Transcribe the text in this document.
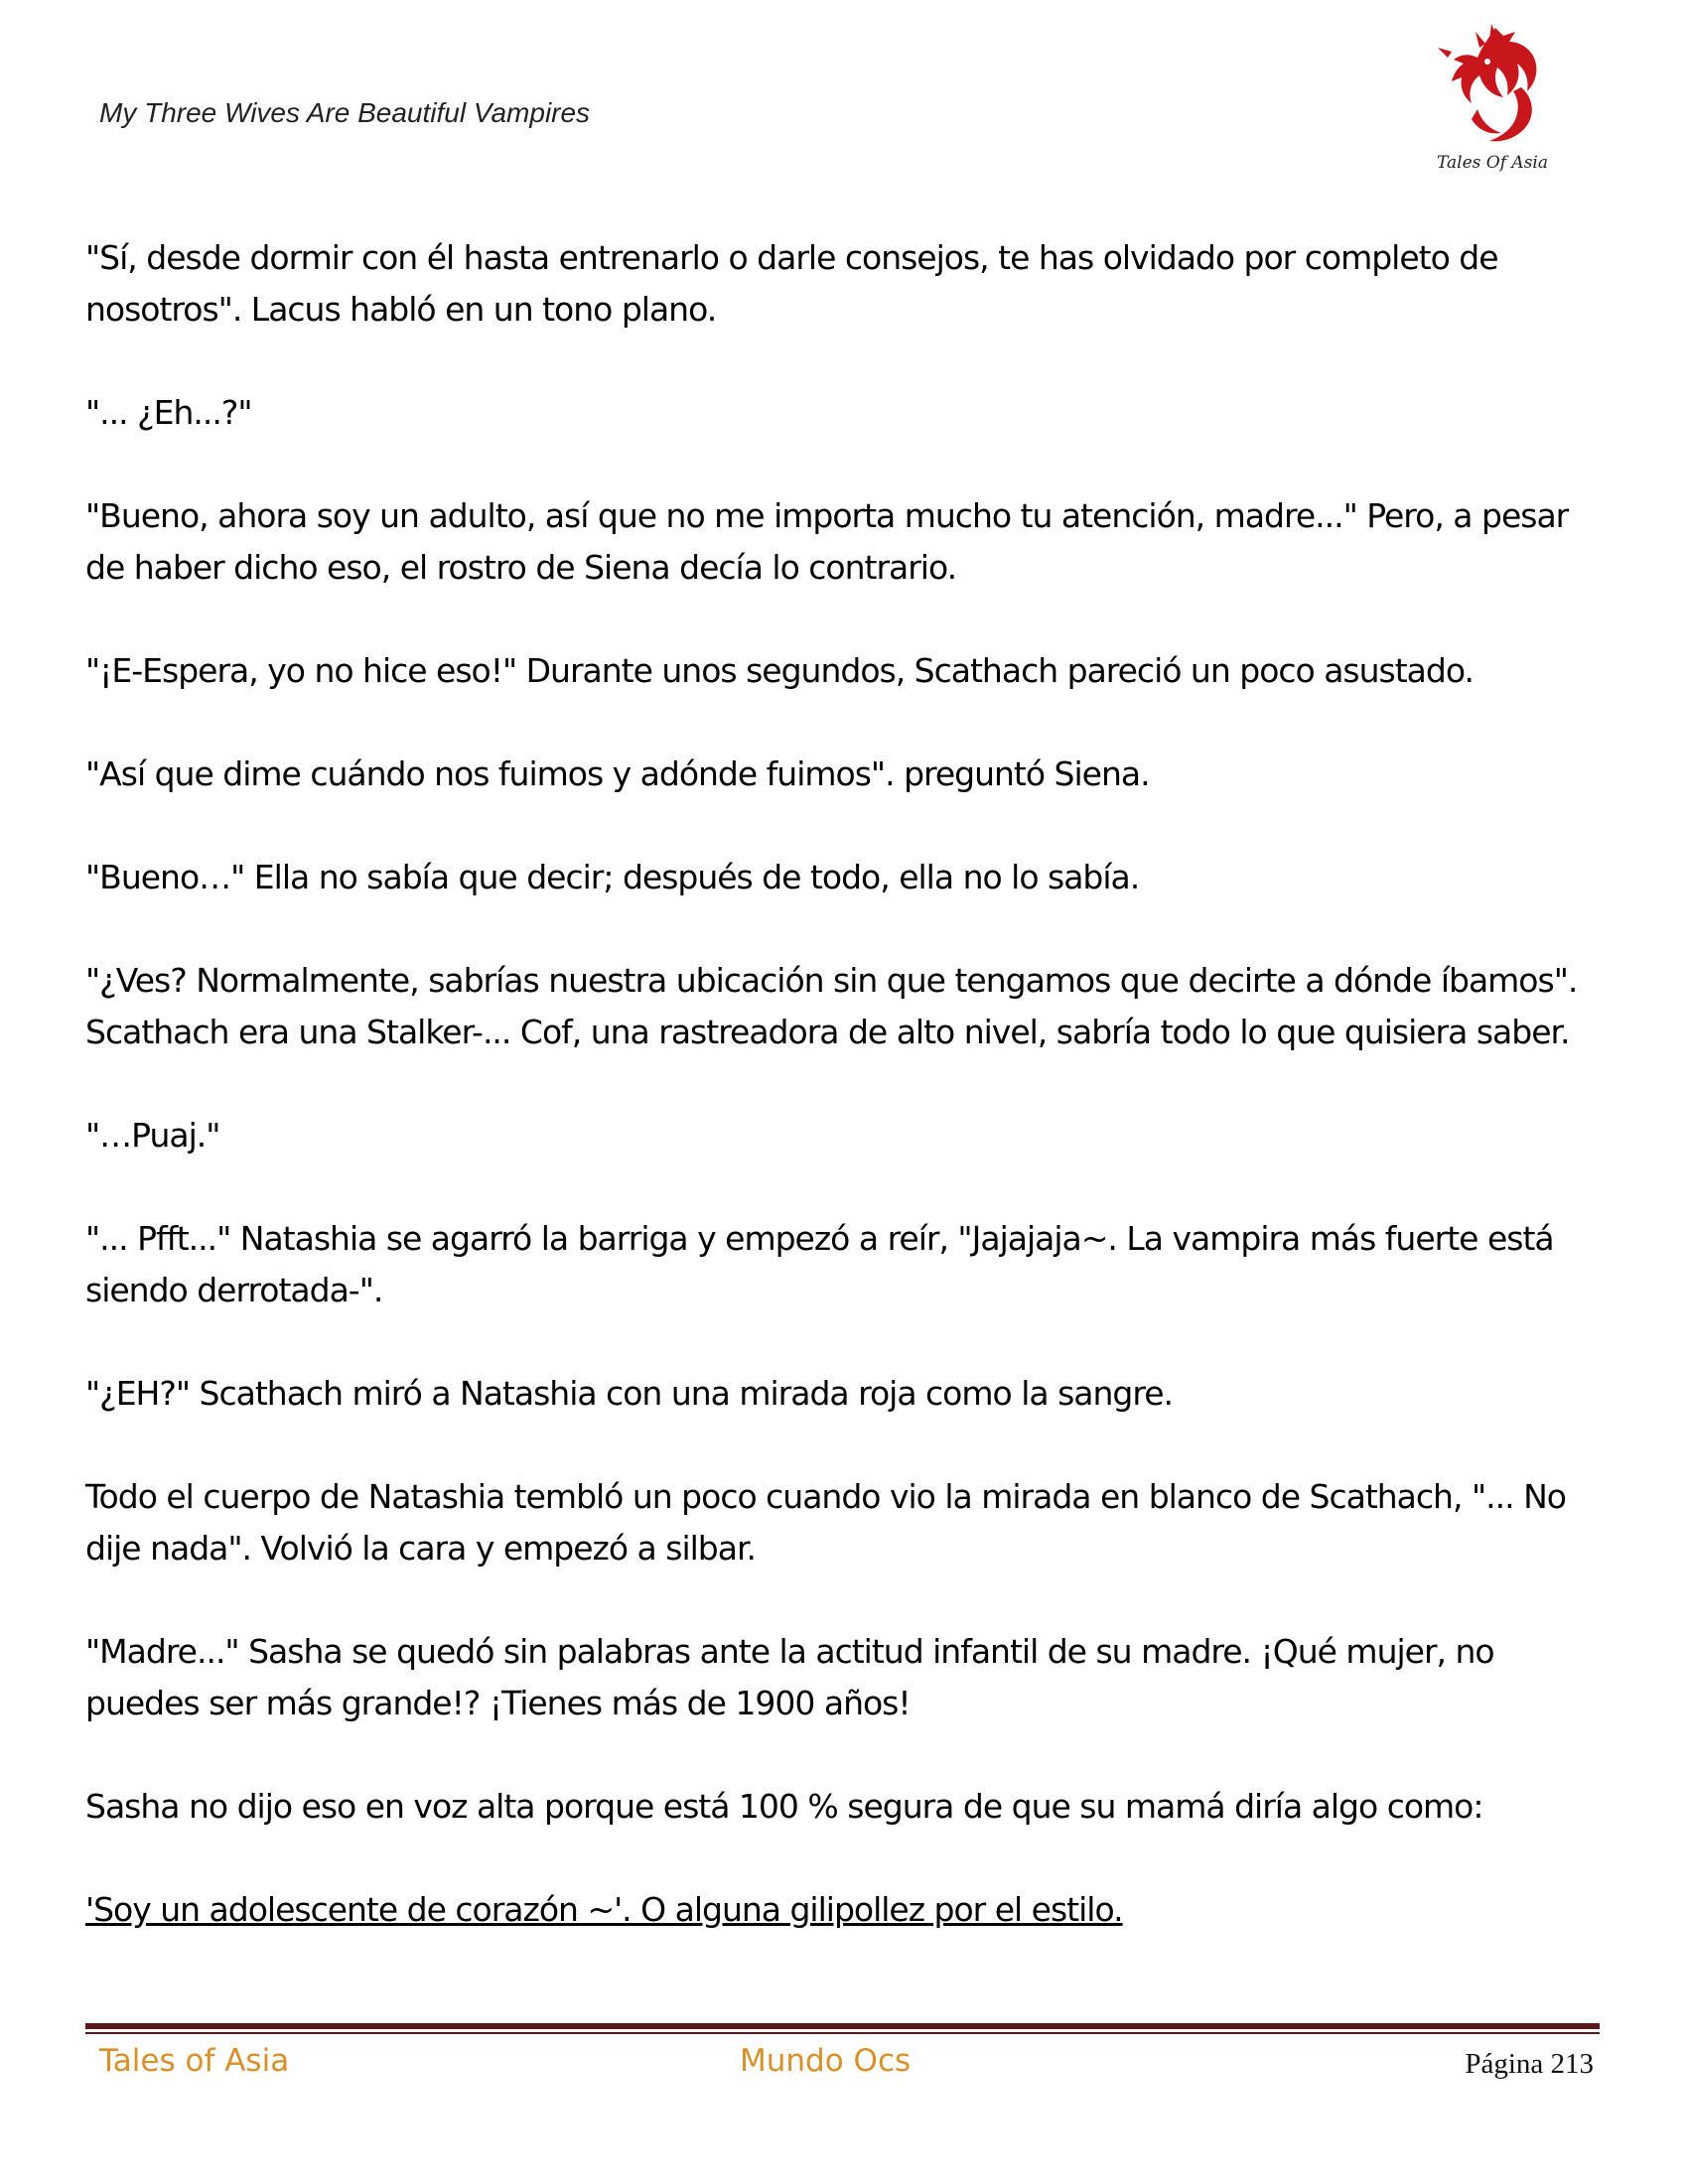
My Three Wives Are Beautiful Vampires
Tales Of Asia

"Sí, desde dormir con él hasta entrenarlo o darle consejos, te has olvidado por completo de nosotros". Lacus habló en un tono plano.

"... ¿Eh...?"

"Bueno, ahora soy un adulto, así que no me importa mucho tu atención, madre..." Pero, a pesar de haber dicho eso, el rostro de Siena decía lo contrario.

"¡E-Espera, yo no hice eso!" Durante unos segundos, Scathach pareció un poco asustado.

"Así que dime cuándo nos fuimos y adónde fuimos". preguntó Siena.

"Bueno…" Ella no sabía que decir; después de todo, ella no lo sabía.

"¿Ves? Normalmente, sabrías nuestra ubicación sin que tengamos que decirte a dónde íbamos". Scathach era una Stalker-... Cof, una rastreadora de alto nivel, sabría todo lo que quisiera saber.

"…Puaj."

"... Pfft..." Natashia se agarró la barriga y empezó a reír, "Jajajaja~. La vampira más fuerte está siendo derrotada-".

"¿EH?" Scathach miró a Natashia con una mirada roja como la sangre.

Todo el cuerpo de Natashia tembló un poco cuando vio la mirada en blanco de Scathach, "... No dije nada". Volvió la cara y empezó a silbar.

"Madre..." Sasha se quedó sin palabras ante la actitud infantil de su madre. ¡Qué mujer, no puedes ser más grande!? ¡Tienes más de 1900 años!

Sasha no dijo eso en voz alta porque está 100 % segura de que su mamá diría algo como:

'Soy un adolescente de corazón ~'. O alguna gilipollez por el estilo.

Tales of Asia	Mundo Ocs	Página 213
